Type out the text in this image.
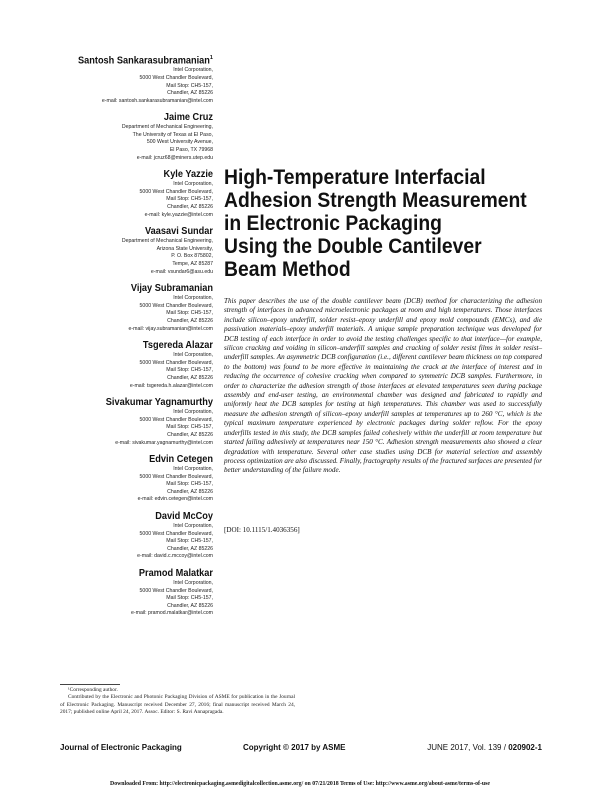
Santosh Sankarasubramanian$^1$
Intel Corporation,
5000 West Chandler Boulevard,
Mail Stop: CH5-157,
Chandler, AZ 85226
e-mail: santosh.sankarasubramanian@intel.com
Jaime Cruz
Department of Mechanical Engineering,
The University of Texas at El Paso,
500 West University Avenue,
El Paso, TX 79968
e-mail: jcruz68@miners.utep.edu
Kyle Yazzie
Intel Corporation,
5000 West Chandler Boulevard,
Mail Stop: CH5-157,
Chandler, AZ 85226
e-mail: kyle.yazzie@intel.com
Vaasavi Sundar
Department of Mechanical Engineering,
Arizona State University,
P. O. Box 875802,
Tempe, AZ 85287
e-mail: vsundar6@asu.edu
Vijay Subramanian
Intel Corporation,
5000 West Chandler Boulevard,
Mail Stop: CH5-157,
Chandler, AZ 85226
e-mail: vijay.subramanian@intel.com
Tsgereda Alazar
Intel Corporation,
5000 West Chandler Boulevard,
Mail Stop: CH5-157,
Chandler, AZ 85226
e-mail: tsgereda.h.alazar@intel.com
Sivakumar Yagnamurthy
Intel Corporation,
5000 West Chandler Boulevard,
Mail Stop: CH5-157,
Chandler, AZ 85226
e-mail: sivakumar.yagnamurthy@intel.com
Edvin Cetegen
Intel Corporation,
5000 West Chandler Boulevard,
Mail Stop: CH5-157,
Chandler, AZ 85226
e-mail: edvin.cetegen@intel.com
David McCoy
Intel Corporation,
5000 West Chandler Boulevard,
Mail Stop: CH5-157,
Chandler, AZ 85226
e-mail: david.c.mccoy@intel.com
Pramod Malatkar
Intel Corporation,
5000 West Chandler Boulevard,
Mail Stop: CH5-157,
Chandler, AZ 85226
e-mail: pramod.malatkar@intel.com
High-Temperature Interfacial
Adhesion Strength Measurement
in Electronic Packaging
Using the Double Cantilever
Beam Method
This paper describes the use of the double cantilever beam (DCB) method for characterizing the adhesion strength of interfaces in advanced microelectronic packages at room and high temperatures. Those interfaces include silicon–epoxy underfill, solder resist–epoxy underfill and epoxy mold compounds (EMCs), and die passivation materials–epoxy underfill materials. A unique sample preparation technique was developed for DCB testing of each interface in order to avoid the testing challenges specific to that interface—for example, silicon cracking and voiding in silicon–underfill samples and cracking of solder resist films in solder resist–underfill samples. An asymmetric DCB configuration (i.e., different cantilever beam thickness on top compared to the bottom) was found to be more effective in maintaining the crack at the interface of interest and in reducing the occurrence of cohesive cracking when compared to symmetric DCB samples. Furthermore, in order to characterize the adhesion strength of those interfaces at elevated temperatures seen during package assembly and end-user testing, an environmental chamber was designed and fabricated to rapidly and uniformly heat the DCB samples for testing at high temperatures. This chamber was used to successfully measure the adhesion strength of silicon–epoxy underfill samples at temperatures up to 260 °C, which is the typical maximum temperature experienced by electronic packages during solder reflow. For the epoxy underfills tested in this study, the DCB samples failed cohesively within the underfill at room temperature but started failing adhesively at temperatures near 150 °C. Adhesion strength measurements also showed a clear degradation with temperature. Several other case studies using DCB for material selection and assembly process optimization are also discussed. Finally, fractography results of the fractured surfaces are presented for better understanding of the failure mode.
[DOI: 10.1115/1.4036356]

¹Corresponding author.

Contributed by the Electronic and Photonic Packaging Division of ASME for publication in the Journal of Electronic Packaging. Manuscript received December 27, 2016; final manuscript received March 24, 2017; published online April 24, 2017. Assoc. Editor: S. Ravi Annapragada.

Journal of Electronic Packaging	Copyright © 2017 by ASME	JUNE 2017, Vol. 139 / 020902-1
Downloaded From: http://electronicpackaging.asmedigitalcollection.asme.org/ on 07/21/2018 Terms of Use: http://www.asme.org/about-asme/terms-of-use
